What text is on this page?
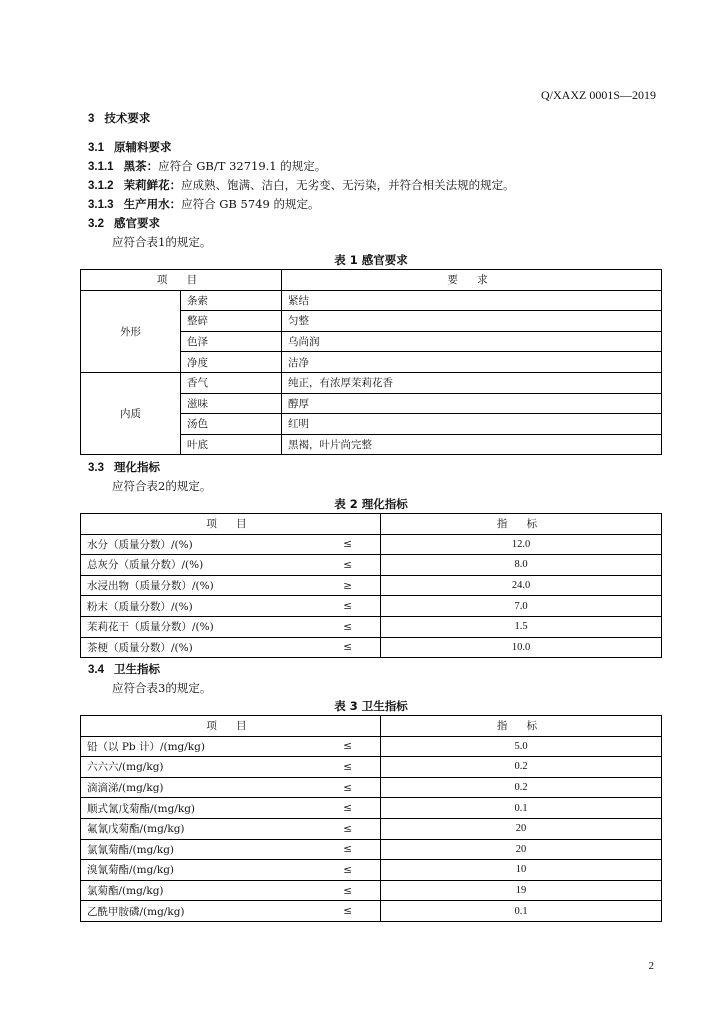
Q/XAXZ 0001S—2019
3 技术要求
3.1 原辅料要求
3.1.1 黑茶：应符合 GB/T 32719.1 的规定。
3.1.2 茉莉鲜花：应成熟、饱满、洁白，无劣变、无污染，并符合相关法规的规定。
3.1.3 生产用水：应符合 GB 5749 的规定。
3.2 感官要求
应符合表1的规定。
表 1 感官要求
项 目		要 求
外形	条索	紧结
	整碎	匀整
	色泽	乌尚润
	净度	洁净
内质	香气	纯正，有浓厚茉莉花香
	滋味	醇厚
	汤色	红明
	叶底	黑褐，叶片尚完整
3.3 理化指标
应符合表2的规定。
表 2 理化指标
项 目		指 标
水分（质量分数）/(%)	≤	12.0
总灰分（质量分数）/(%)	≤	8.0
水浸出物（质量分数）/(%)	≥	24.0
粉末（质量分数）/(%)	≤	7.0
茉莉花干（质量分数）/(%)	≤	1.5
茶梗（质量分数）/(%)	≤	10.0
3.4 卫生指标
应符合表3的规定。
表 3 卫生指标
项 目		指 标
铅（以 Pb 计）/(mg/kg)	≤	5.0
六六六/(mg/kg)	≤	0.2
滴滴涕/(mg/kg)	≤	0.2
顺式氰戊菊酯/(mg/kg)	≤	0.1
氟氰戊菊酯/(mg/kg)	≤	20
氯氰菊酯/(mg/kg)	≤	20
溴氰菊酯/(mg/kg)	≤	10
氯菊酯/(mg/kg)	≤	19
乙酰甲胺磷/(mg/kg)	≤	0.1
2
